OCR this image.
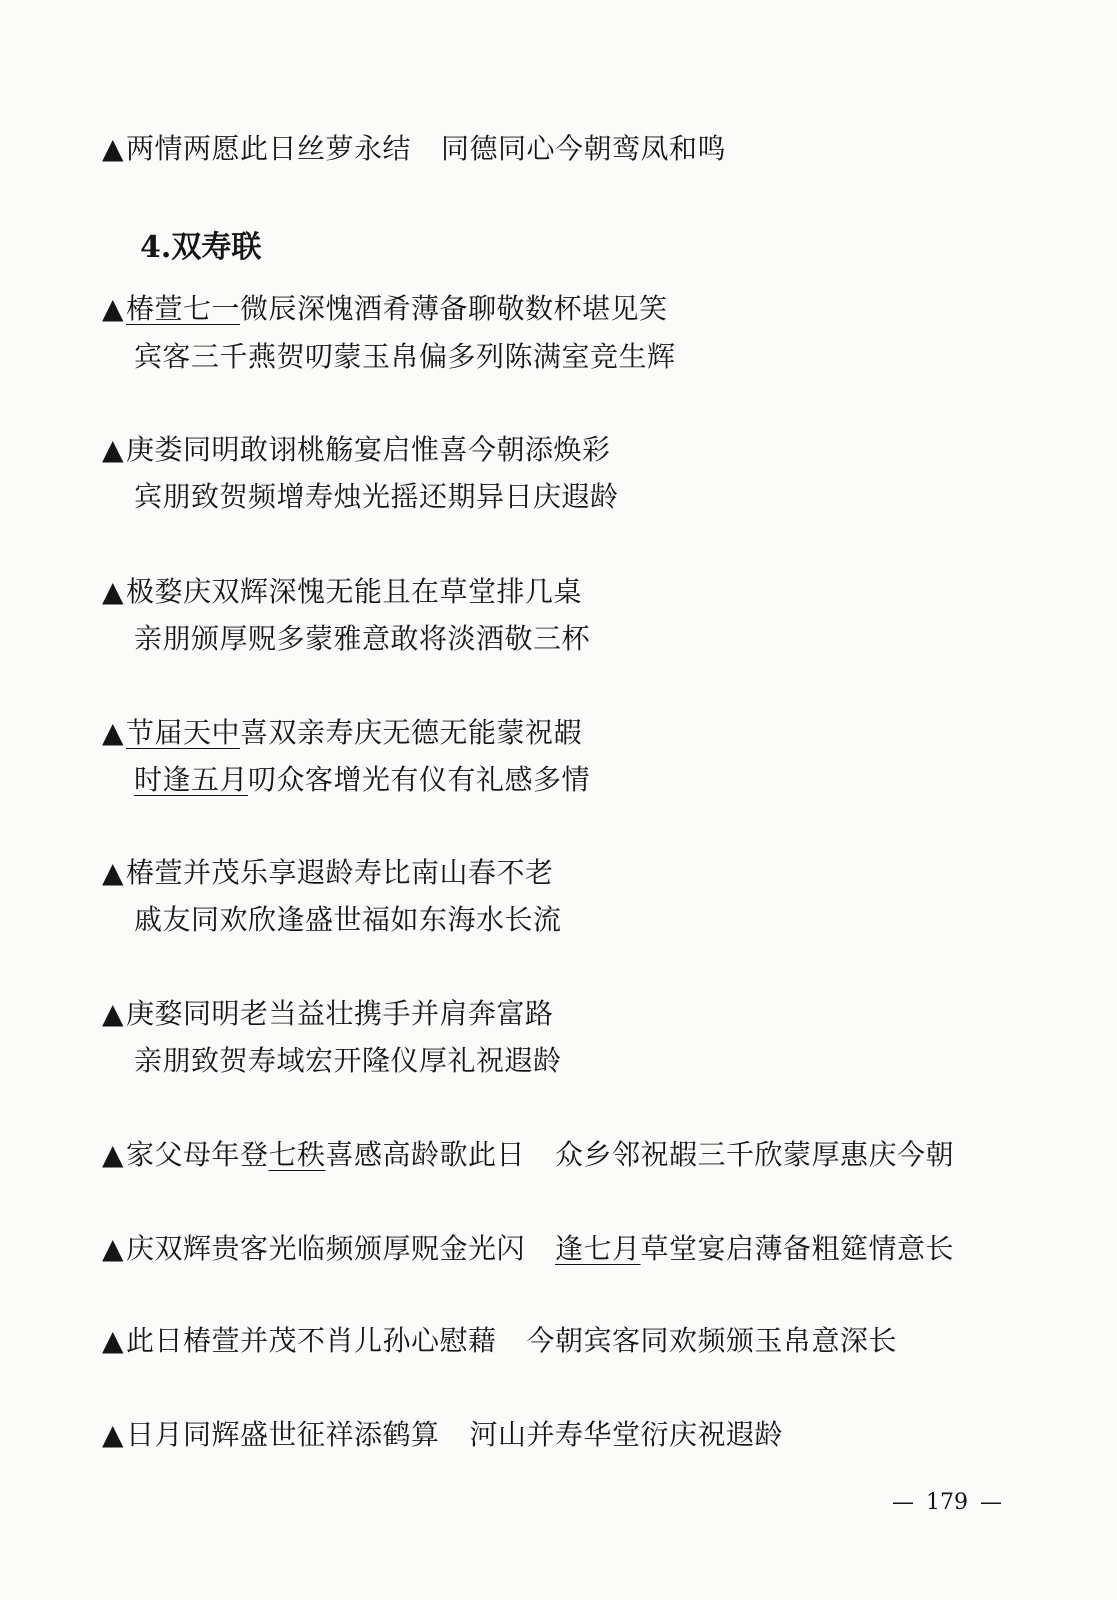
▲两情两愿此日丝萝永结 同德同心今朝鸾凤和鸣
4.双寿联
▲椿萱七一微辰深愧酒肴薄备聊敬数杯堪见笑
宾客三千燕贺叨蒙玉帛偏多列陈满室竞生辉
▲庚娄同明敢诩桃觞宴启惟喜今朝添焕彩
宾朋致贺频增寿烛光摇还期异日庆遐龄
▲极婺庆双辉深愧无能且在草堂排几桌
亲朋颁厚贶多蒙雅意敢将淡酒敬三杯
▲节届天中喜双亲寿庆无德无能蒙祝嘏
时逢五月叨众客增光有仪有礼感多情
▲椿萱并茂乐享遐龄寿比南山春不老
戚友同欢欣逢盛世福如东海水长流
▲庚婺同明老当益壮携手并肩奔富路
亲朋致贺寿域宏开隆仪厚礼祝遐龄
▲家父母年登七秩喜感高龄歌此日 众乡邻祝嘏三千欣蒙厚惠庆今朝
▲庆双辉贵客光临频颁厚贶金光闪 逢七月草堂宴启薄备粗筵情意长
▲此日椿萱并茂不肖儿孙心慰藉 今朝宾客同欢频颁玉帛意深长
▲日月同辉盛世征祥添鹤算 河山并寿华堂衍庆祝遐龄
— 179 —
